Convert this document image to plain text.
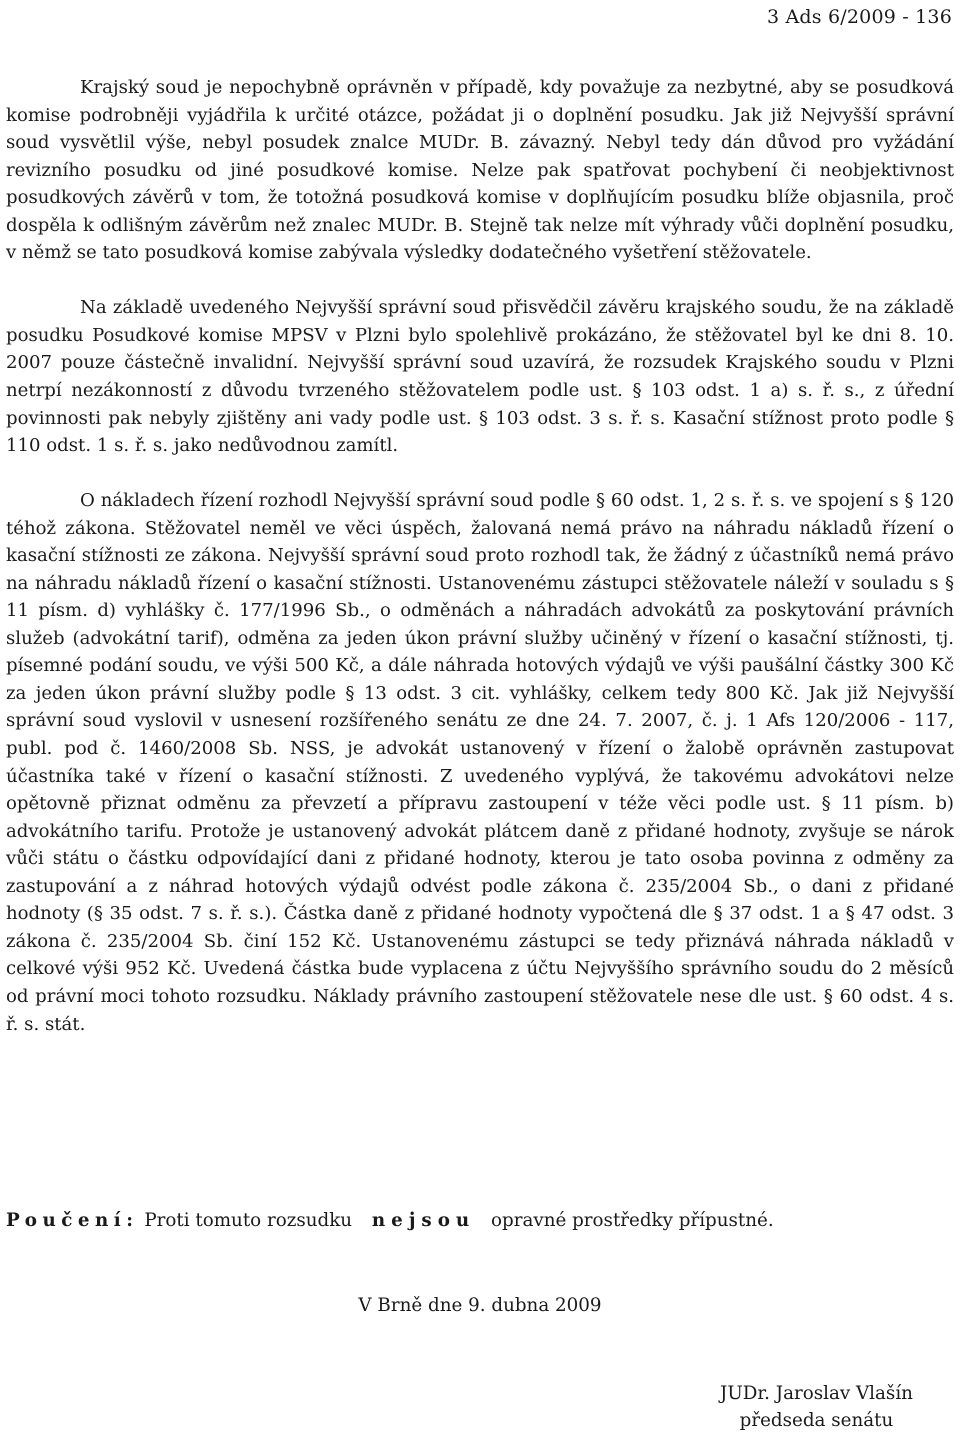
3 Ads 6/2009 - 136

Krajský soud je nepochybně oprávněn v případě, kdy považuje za nezbytné, aby se posudková komise podrobněji vyjádřila k určité otázce, požádat ji o doplnění posudku. Jak již Nejvyšší správní soud vysvětlil výše, nebyl posudek znalce MUDr. B. závazný. Nebyl tedy dán důvod pro vyžádání revizního posudku od jiné posudkové komise. Nelze pak spatřovat pochybení či neobjektivnost posudkových závěrů v tom, že totožná posudková komise v doplňujícím posudku blíže objasnila, proč dospěla k odlišným závěrům než znalec MUDr. B. Stejně tak nelze mít výhrady vůči doplnění posudku, v němž se tato posudková komise zabývala výsledky dodatečného vyšetření stěžovatele.

Na základě uvedeného Nejvyšší správní soud přisvědčil závěru krajského soudu, že na základě posudku Posudkové komise MPSV v Plzni bylo spolehlivě prokázáno, že stěžovatel byl ke dni 8. 10. 2007 pouze částečně invalidní. Nejvyšší správní soud uzavírá, že rozsudek Krajského soudu v Plzni netrpí nezákonností z důvodu tvrzeného stěžovatelem podle ust. § 103 odst. 1 a) s. ř. s., z úřední povinnosti pak nebyly zjištěny ani vady podle ust. § 103 odst. 3 s. ř. s. Kasační stížnost proto podle § 110 odst. 1 s. ř. s. jako nedůvodnou zamítl.

O nákladech řízení rozhodl Nejvyšší správní soud podle § 60 odst. 1, 2 s. ř. s. ve spojení s § 120 téhož zákona. Stěžovatel neměl ve věci úspěch, žalovaná nemá právo na náhradu nákladů řízení o kasační stížnosti ze zákona. Nejvyšší správní soud proto rozhodl tak, že žádný z účastníků nemá právo na náhradu nákladů řízení o kasační stížnosti. Ustanovenému zástupci stěžovatele náleží v souladu s § 11 písm. d) vyhlášky č. 177/1996 Sb., o odměnách a náhradách advokátů za poskytování právních služeb (advokátní tarif), odměna za jeden úkon právní služby učiněný v řízení o kasační stížnosti, tj. písemné podání soudu, ve výši 500 Kč, a dále náhrada hotových výdajů ve výši paušální částky 300 Kč za jeden úkon právní služby podle § 13 odst. 3 cit. vyhlášky, celkem tedy 800 Kč. Jak již Nejvyšší správní soud vyslovil v usnesení rozšířeného senátu ze dne 24. 7. 2007, č. j. 1 Afs 120/2006 - 117, publ. pod č. 1460/2008 Sb. NSS, je advokát ustanovený v řízení o žalobě oprávněn zastupovat účastníka také v řízení o kasační stížnosti. Z uvedeného vyplývá, že takovému advokátovi nelze opětovně přiznat odměnu za převzetí a přípravu zastoupení v téže věci podle ust. § 11 písm. b) advokátního tarifu. Protože je ustanovený advokát plátcem daně z přidané hodnoty, zvyšuje se nárok vůči státu o částku odpovídající dani z přidané hodnoty, kterou je tato osoba povinna z odměny za zastupování a z náhrad hotových výdajů odvést podle zákona č. 235/2004 Sb., o dani z přidané hodnoty (§ 35 odst. 7 s. ř. s.). Částka daně z přidané hodnoty vypočtená dle § 37 odst. 1 a § 47 odst. 3 zákona č. 235/2004 Sb. činí 152 Kč. Ustanovenému zástupci se tedy přiznává náhrada nákladů v celkové výši 952 Kč. Uvedená částka bude vyplacena z účtu Nejvyššího správního soudu do 2 měsíců od právní moci tohoto rozsudku. Náklady právního zastoupení stěžovatele nese dle ust. § 60 odst. 4 s. ř. s. stát.

Poučení: Proti tomuto rozsudku nejsou opravné prostředky přípustné.
V Brně dne 9. dubna 2009
JUDr. Jaroslav Vlašín
předseda senátu
